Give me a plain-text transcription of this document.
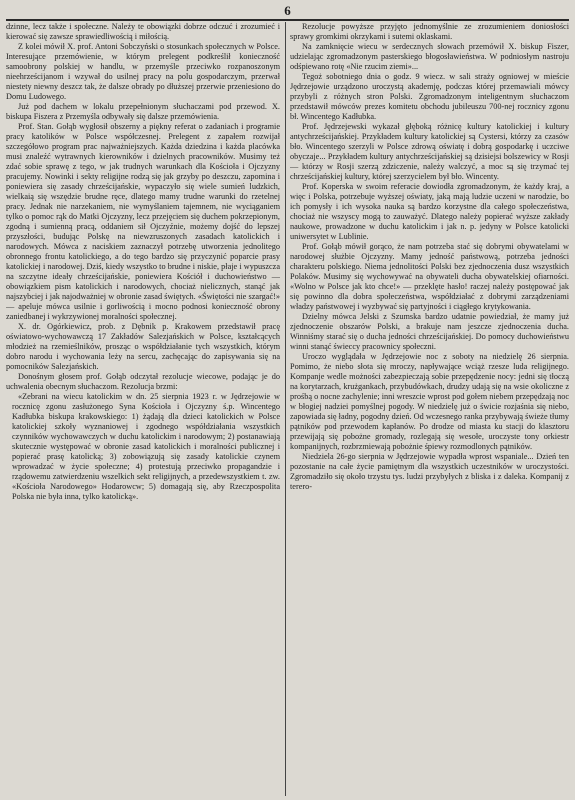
6

dzinne, lecz także i społeczne. Należy te obowiązki dobrze odczuć i zrozumieć i kierować się zawsze sprawiedliwością i miłością.

Z kolei mówił X. prof. Antoni Sobczyński o stosunkach społecznych w Polsce. Interesujące przemówienie, w którym prelegent podkreślił konieczność samoobrony polskiej w handlu, w przemyśle przeciwko rozpanoszonym nieehrześcijanom i wzywał do usilnej pracy na polu gospodarczym, przerwał niestety niewny deszcz tak, że dalsze obrady po dłuższej przerwie przeniesiono do Domu Ludowego.

Już pod dachem w lokalu przepełnionym słuchaczami pod przewod. X. biskupa Fiszera z Przemyśla odbywały się dalsze przemówienia.

Prof. Stan. Gołąb wygłosił obszerny a piękny referat o zadaniach i programie pracy katolików w Polsce współczesnej. Prelegent z zapałem rozwijał szczegółowo program prac najważniejszych. Każda dziedzina i każda placówka musi znaleźć wytrawnych kierowników i dzielnych pracowników. Musimy też zdać sobie sprawę z tego, w jak trudnych warunkach dla Kościoła i Ojczyzny pracujemy. Nowinki i sekty religijne rodzą się jak grzyby po deszczu, zapomina i poniewiera się zasady chrześcijańskie, wypaczyło się wiele sumień ludzkich, wielkaią się wszędzie brudne ręce, dlatego mamy trudne warunki do rzetelnej pracy. Jednak nie narzekaniem, nie wymyślaniem tajemnem, nie wyciąganiem tylko o pomoc rąk do Matki Ojczyzny, lecz przejęciem się duchem pokrzepionym, zgodną i sumienną pracą, oddaniem sił Ojczyźnie, możemy dojść do lepszej przyszłości, budując Polskę na niewzruszonych zasadach katolickich i narodowych. Mówca z naciskiem zaznaczył potrzebę utworzenia jednolitego obronnego frontu katolickiego, a do tego bardzo się przyczynić poparcie prasy katolickiej i narodowej. Dziś, kiedy wszystko to brudne i niskie, płaje i wypuszcza na szczytne ideały chrześcijańskie, poniewiera Kościół i duchowieństwo — obowiązkiem pism katolickich i narodowych, chociaż nielicznych, stanąć jak najszybciej i jak najodważniej w obronie zasad świętych. «Świętości nie szargać!» — apeluje mówca usilnie i gorliwością i mocno podnosi konieczność obrony zaniedbanej i wykrzywionej moralności społecznej.

X. dr. Ogórkiewicz, prob. z Dębnik p. Krakowem przedstawił pracę oświatowo-wychowawczą 17 Zakładów Salezjańskich w Polsce, kształcących młodzież na rzemieślników, prosząc o współdziałanie tych wszystkich, którym dobro narodu i wychowania leży na sercu, zachęcając do zapisywania się na pomocników Salezjańskich.

Donośnym głosem prof. Gołąb odczytał rezolucje wiecowe, podając je do uchwalenia obecnym słuchaczom. Rezolucja brzmi:

«Zebrani na wiecu katolickim w dn. 25 sierpnia 1923 r. w Jędrzejowie w rocznicę zgonu zasłużonego Syna Kościoła i Ojczyzny ś.p. Wincentego Kadłubka biskupa krakowskiego: 1) żądają dla dzieci katolickich w Polsce katolickiej szkoły wyznaniowej i zgodnego współdziałania wszystkich czynników wychowawczych w duchu katolickim i narodowym; 2) postanawiają skutecznie występować w obronie zasad katolickich i moralności publicznej i popierać prasę katolicką; 3) zobowiązują się zasady katolickie czynem wprowadzać w życie społeczne; 4) protestują przeciwko propagandzie i rządowemu zatwierdzeniu wszelkich sekt religijnych, a przedewszystkiem t. zw. «Kościoła Narodowego» Hodarowcw; 5) domagają się, aby Rzeczpospolita Polska nie była inna, tylko katolicką».

Rezolucje powyższe przyjęto jednomyślnie ze zrozumieniem doniosłości sprawy gromkimi okrzykami i sutemi oklaskami.

Na zamknięcie wiecu w serdecznych słowach przemówił X. biskup Fiszer, udzielając zgromadzonym pasterskiego błogosławieństwa. W podniosłym nastroju odśpiewano rotę «Nie rzucim ziemi»...

Tegoż sobotniego dnia o godz. 9 wiecz. w sali straży ogniowej w mieście Jędrzejowie urządzono uroczystą akademję, podczas której przemawiali mówcy przybyli z różnych stron Polski. Zgromadzonym inteligentnym słuchaczom przedstawił mówców prezes komitetu obchodu jubileuszu 700-nej rocznicy zgonu bł. Wincentego Kadłubka.

Prof. Jędrzejewski wykazał głęboką różnicę kultury katolickiej i kultury antychrześcijańskiej. Przykładem kultury katolickiej są Cystersi, którzy za czasów bło. Wincentego szerzyli w Polsce zdrową oświatę i dobrą gospodarkę i uczciwe obyczaje... Przykładem kultury antychrześcijańskiej są dzisiejsi bolszewicy w Rosji — którzy w Rosji szerzą zdziczenie, należy walczyć, a moc są się trzymać tej chrześcijańskiej kultury, której szerzycielem był bło. Wincenty.

Prof. Koperska w swoim referacie dowiodła zgromadzonym, że każdy kraj, a więc i Polska, potrzebuje wyższej oświaty, jaką mają ludzie uczeni w narodzie, bo ich pomysły i ich wysoka nauka są bardzo korzystne dla całego społeczeństwa, chociaż nie wszyscy mogą to zauważyć. Dlatego należy popierać wyższe zakłady naukowe, prowadzone w duchu katolickim i jak n. p. jedyny w Polsce katolicki uniwersytet w Lublinie.

Prof. Gołąb mówił gorąco, że nam potrzeba stać się dobrymi obywatelami w narodowej służbie Ojczyzny. Mamy jedność państwową, potrzeba jedności charakteru polskiego. Niema jednolitości Polski bez zjednoczenia dusz wszystkich Polaków. Musimy się wychowywać na obywateli ducha obywatelskiej ofiarności. «Wolno w Polsce jak kto chce!» — przeklęte hasło! raczej należy postępować jak się powinno dla dobra społeczeństwa, współdziałać z dobrymi zarządzeniami władzy państwowej i wyzbywać się partyjności i ciągłego krytykowania.

Dzielny mówca Jelski z Szumska bardzo udatnie powiedział, że mamy już zjednoczenie obszarów Polski, a brakuje nam jeszcze zjednoczenia ducha. Winniśmy starać się o ducha jedności chrześcijańskiej. Do pomocy duchowieństwu winni stanąć świeccy pracownicy społeczni.

Uroczo wyglądała w Jędrzejowie noc z soboty na niedzielę 26 sierpnia. Pomimo, że niebo słota się mroczy, napływające wciąż rzesze luda religijnego. Kompanje wedle możności zabezpieczają sobie przepędzenie nocy: jedni się tłoczą na korytarzach, krużgankach, przybudówkach, drudzy udają się na wsie okoliczne z prośbą o nocne zachylenie; inni wreszcie wprost pod gołem niebem przepędzają noc w błogiej nadziei pomyślnej pogody. W niedzielę już o świcie rozjaśnia się niebo, zapowiada się ładny, pogodny dzień. Od wczesnego ranka przybywają świeże tłumy pątników pod przewodem kapłanów. Po drodze od miasta ku stacji do klasztoru przewijają się pobożne gromady, rozlegają się wesołe, uroczyste tony orkiestr kompanijnych, rozbrzmiewają pobożnie śpiewy rozmodlonych pątników.

Niedziela 26-go sierpnia w Jędrzejowie wypadła wprost wspaniale... Dzień ten pozostanie na całe życie pamiętnym dla wszystkich uczestników w uroczystości. Zgromadziło się około trzystu tys. ludzi przybyłych z bliska i z daleka. Kompanij z terero-
